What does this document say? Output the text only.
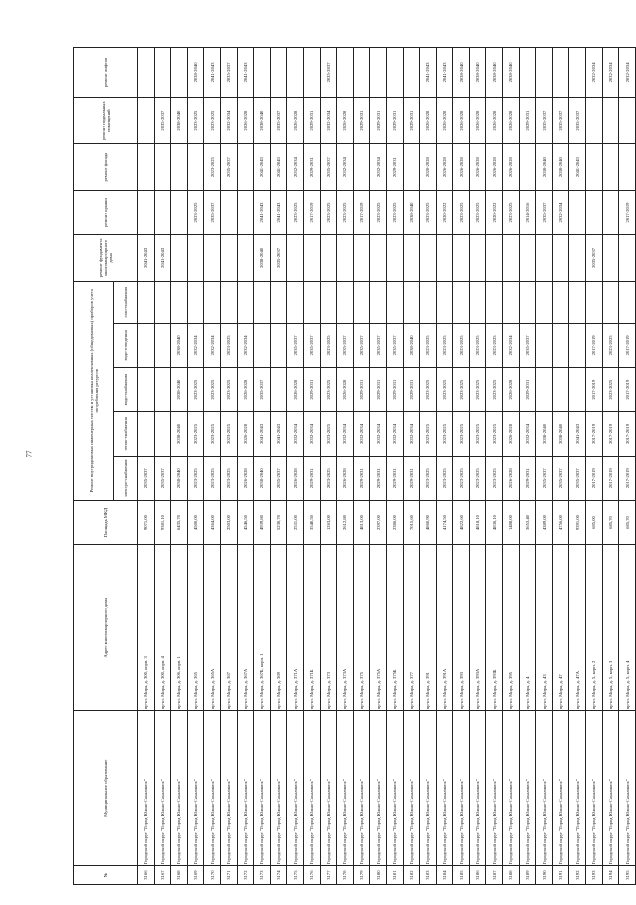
77
№	Муниципальное образование	Адрес многоквартирного дома	Площадь МКД	Ремонт внутридомовых инженерных систем и установка коллективных (общедомовых) приборов учета потребления ресурсов					ремонт фундамента многоквартирного дома	ремонт крыши	ремонт фасада	ремонт подвальных помещений	ремонт лифтов
				электро-снабжения	тепло-снабжения	водо-снабжения	водо-отведения	газо-снабжения					
3166	Городской округ "Город Южно-Сахалинск"	пр-кт. Мира, д. 300, корп. 3	9071,00	2035-2037					2041-2043				
3167	Городской округ "Город Южно-Сахалинск"	пр-кт. Мира, д. 300, корп. 4	9381,10	2035-2037					2041-2043			2035-2037	
3168	Городской округ "Город Южно-Сахалинск"	пр-кт. Мира, д. 306, корп. 1	6435,70	2038-2040	2038-2040	2038-2040	2038-2040					2038-2040	
3169	Городской округ "Город Южно-Сахалинск"	пр-кт. Мира, д. 365	4500,00	2023-2025	2023-2025	2023-2025	2032-2034			2023-2025		2023-2025	2038-2040
3170	Городской округ "Город Южно-Сахалинск"	пр-кт. Мира, д. 365А	4364,00	2023-2025	2023-2025	2023-2025	2032-2034			2035-2037	2023-2025	2023-2025	2041-2043
3171	Городской округ "Город Южно-Сахалинск"	пр-кт. Мира, д. 367	2503,00	2023-2025	2023-2025	2023-2025	2023-2025				2035-2037	2032-2034	2035-2037
3172	Городской округ "Город Южно-Сахалинск"	пр-кт. Мира, д. 367А	4546,50	2026-2028	2026-2028	2026-2028	2032-2034					2026-2028	2041-2043
3173	Городской округ "Город Южно-Сахалинск"	пр-кт. Мира, д. 367Б, корп. 1	4939,80	2038-2040	2041-2043	2035-2037			2038-2040	2041-2043	2041-2043	2038-2040	
3174	Городской округ "Город Южно-Сахалинск"	пр-кт. Мира, д. 369	5230,70	2035-2037	2041-2043				2035-2037	2041-2043	2041-2043	2035-2037	
3175	Городской округ "Город Южно-Сахалинск"	пр-кт. Мира, д. 371А	2531,00	2026-2028	2032-2034	2026-2028	2035-2037			2023-2025	2032-2034	2026-2028	
3176	Городской округ "Город Южно-Сахалинск"	пр-кт. Мира, д. 371Б	3540,50	2029-2031	2032-2034	2029-2031	2035-2037			2017-2019	2029-2031	2029-2031	
3177	Городской округ "Город Южно-Сахалинск"	пр-кт. Мира, д. 373	1263,00	2023-2025	2023-2025	2023-2025	2023-2025			2023-2025	2035-2037	2032-2034	2035-2037
3178	Городской округ "Город Южно-Сахалинск"	пр-кт. Мира, д. 373А	2612,80	2026-2028	2032-2034	2026-2028	2035-2037			2023-2025	2032-2034	2026-2028	
3179	Городской округ "Город Южно-Сахалинск"	пр-кт. Мира, д. 375	4813,00	2029-2031	2032-2034	2029-2031	2035-2037			2017-2019		2029-2031	
3180	Городской округ "Город Южно-Сахалинск"	пр-кт. Мира, д. 375А	2397,00	2029-2031	2032-2034	2029-2031	2035-2037			2023-2025	2032-2034	2029-2031	
3181	Городской округ "Город Южно-Сахалинск"	пр-кт. Мира, д. 375Б	2386,00	2029-2031	2032-2034	2029-2031	2035-2037			2023-2025	2029-2031	2029-2031	
3182	Городской округ "Город Южно-Сахалинск"	пр-кт. Мира, д. 377	7015,60	2029-2031	2032-2034	2029-2031	2038-2040			2038-2040		2029-2031	
3183	Городской округ "Город Южно-Сахалинск"	пр-кт. Мира, д. 391	4860,90	2023-2025	2023-2025	2023-2025	2023-2025			2023-2025	2020-2028	2026-2028	2041-2043
3184	Городской округ "Город Южно-Сахалинск"	пр-кт. Мира, д. 391А	4174,50	2023-2025	2023-2025	2023-2025	2023-2025			2020-2022	2026-2028	2026-2028	2041-2043
3185	Городской округ "Город Южно-Сахалинск"	пр-кт. Мира, д. 393	4822,60	2023-2025	2023-2025	2023-2025	2023-2025			2023-2025	2026-2028	2026-2028	2038-2040
3186	Городской округ "Город Южно-Сахалинск"	пр-кт. Мира, д. 393А	4818,10	2023-2025	2023-2025	2023-2025	2023-2025			2023-2025	2026-2028	2026-2028	2038-2040
3187	Городской округ "Город Южно-Сахалинск"	пр-кт. Мира, д. 393Б	4836,10	2023-2025	2023-2025	2023-2025	2023-2025			2020-2022	2026-2028	2026-2028	2038-2040
3188	Городской округ "Город Южно-Сахалинск"	пр-кт. Мира, д. 395	1488,00	2026-2028	2026-2028	2026-2028	2032-2034			2023-2025	2026-2028	2026-2028	2038-2040
3189	Городской округ "Город Южно-Сахалинск"	пр-кт. Мира, д. 4	3653,40	2029-2031	2032-2034	2029-2031	2035-2037			2014-2016		2029-2031	
3190	Городской округ "Город Южно-Сахалинск"	пр-кт. Мира, д. 43	4389,00	2035-2037	2038-2040					2035-2037	2038-2040	2035-2037	
3191	Городской округ "Город Южно-Сахалинск"	пр-кт. Мира, д. 47	4756,00	2035-2037	2038-2040					2032-2034	2038-2040	2035-2037	
3192	Городской округ "Город Южно-Сахалинск"	пр-кт. Мира, д. 47А	9391,00	2035-2037	2041-2043						2041-2043	2035-2037	
3193	Городской округ "Город Южно-Сахалинск"	пр-кт. Мира, д. 5, корп. 2	685,00	2017-2019	2017-2019	2017-2019	2017-2019		2035-2037				2032-2034
3194	Городской округ "Город Южно-Сахалинск"	пр-кт. Мира, д. 5, корп. 3	685,70	2017-2019	2017-2019	2023-2025	2023-2025						2032-2034
3195	Городской округ "Город Южно-Сахалинск"	пр-кт. Мира, д. 5, корп. 4	685,70	2017-2019	2017-2019	2017-2019	2017-2019			2017-2019			2032-2034
